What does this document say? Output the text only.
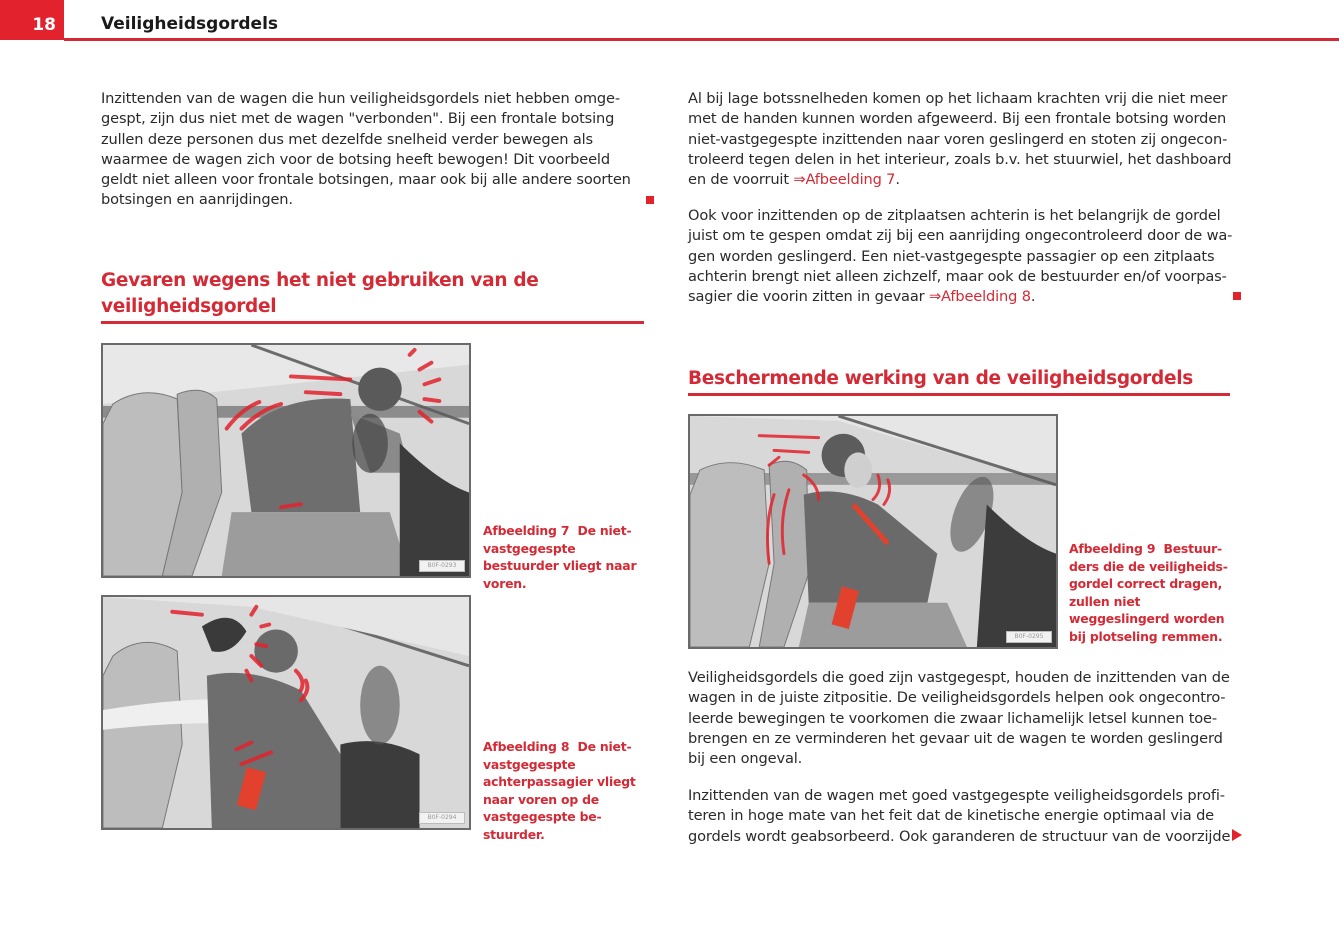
18	Veiligheidsgordels

Inzittenden van de wagen die hun veiligheidsgordels niet hebben omgegespt, zijn dus niet met de wagen "verbonden". Bij een frontale botsing zullen deze personen dus met dezelfde snelheid verder bewegen als waarmee de wagen zich voor de botsing heeft bewogen! Dit voorbeeld geldt niet alleen voor frontale botsingen, maar ook bij alle andere soorten botsingen en aanrijdingen.

Gevaren wegens het niet gebruiken van de veiligheidsgordel
B0F-0293
Afbeelding 7 De niet-vastgegespte bestuurder vliegt naar voren.
B0F-0294
Afbeelding 8 De niet-vastgegespte achterpassagier vliegt naar voren op de vastgegespte bestuurder.

Al bij lage botssnelheden komen op het lichaam krachten vrij die niet meer met de handen kunnen worden afgeweerd. Bij een frontale botsing worden niet-vastgegespte inzittenden naar voren geslingerd en stoten zij ongecontroleerd tegen delen in het interieur, zoals b.v. het stuurwiel, het dashboard en de voorruit ⇒Afbeelding 7.

Ook voor inzittenden op de zitplaatsen achterin is het belangrijk de gordel juist om te gespen omdat zij bij een aanrijding ongecontroleerd door de wagen worden geslingerd. Een niet-vastgegespte passagier op een zitplaats achterin brengt niet alleen zichzelf, maar ook de bestuurder en/of voorpassagier die voorin zitten in gevaar ⇒Afbeelding 8.

Beschermende werking van de veiligheidsgordels
B0F-0295
Afbeelding 9 Bestuurders die de veiligheidsgordel correct dragen, zullen niet weggeslingerd worden bij plotseling remmen.

Veiligheidsgordels die goed zijn vastgegespt, houden de inzittenden van de wagen in de juiste zitpositie. De veiligheidsgordels helpen ook ongecontroleerde bewegingen te voorkomen die zwaar lichamelijk letsel kunnen toebrengen en ze verminderen het gevaar uit de wagen te worden geslingerd bij een ongeval.

Inzittenden van de wagen met goed vastgegespte veiligheidsgordels profiteren in hoge mate van het feit dat de kinetische energie optimaal via de gordels wordt geabsorbeerd. Ook garanderen de structuur van de voorzijde
